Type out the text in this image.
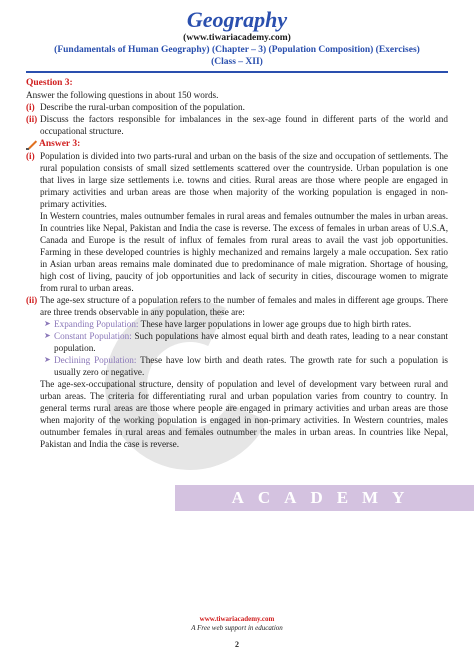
ACADEMY
Geography
(www.tiwariacademy.com)
(Fundamentals of Human Geography) (Chapter – 3) (Population Composition) (Exercises)
(Class – XII)
Question 3:
Answer the following questions in about 150 words.
(i) Describe the rural-urban composition of the population.
(ii) Discuss the factors responsible for imbalances in the sex-age found in different parts of the world and occupational structure.
Answer 3:
(i) Population is divided into two parts-rural and urban on the basis of the size and occupation of settlements. The rural population consists of small sized settlements scattered over the countryside. Urban population is one that lives in large size settlements i.e. towns and cities. Rural areas are those where people are engaged in primary activities and urban areas are those when majority of the working population is engaged in non-primary activities.
In Western countries, males outnumber females in rural areas and females outnumber the males in urban areas. In countries like Nepal, Pakistan and India the case is reverse. The excess of females in urban areas of U.S.A, Canada and Europe is the result of influx of females from rural areas to avail the vast job opportunities. Farming in these developed countries is highly mechanized and remains largely a male occupation. Sex ratio in Asian urban areas remains male dominated due to predominance of male migration. Shortage of housing, high cost of living, paucity of job opportunities and lack of security in cities, discourage women to migrate from rural to urban areas.
(ii) The age-sex structure of a population refers to the number of females and males in different age groups. There are three trends observable in any population, these are:
➤ Expanding Population: These have larger populations in lower age groups due to high birth rates.
➤ Constant Population: Such populations have almost equal birth and death rates, leading to a near constant population.
➤ Declining Population: These have low birth and death rates. The growth rate for such a population is usually zero or negative.
The age-sex-occupational structure, density of population and level of development vary between rural and urban areas. The criteria for differentiating rural and urban population varies from country to country. In general terms rural areas are those where people are engaged in primary activities and urban areas are those when majority of the working population is engaged in non-primary activities. In Western countries, males outnumber females in rural areas and females outnumber the males in urban areas. In countries like Nepal, Pakistan and India the case is reverse.
www.tiwariacademy.com
A Free web support in education
2
